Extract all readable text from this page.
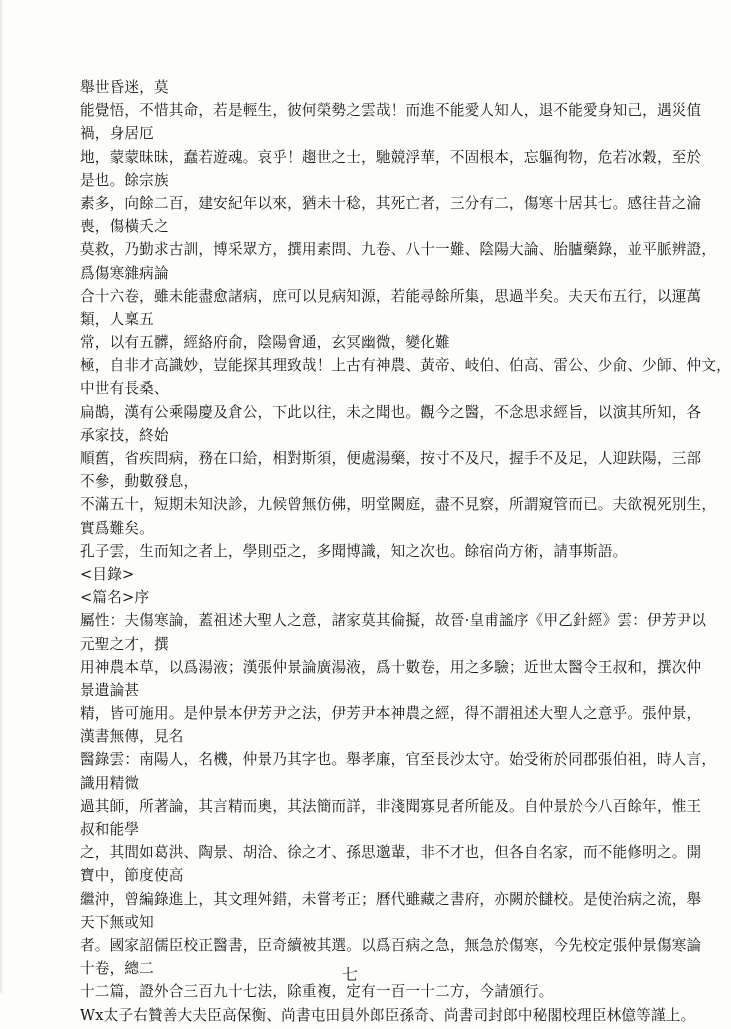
舉世昏迷，莫
能覺悟，不惜其命，若是輕生，彼何榮勢之雲哉！而進不能愛人知人，退不能愛身知己，遇災值
禍，身居厄
地，蒙蒙昧昧，蠢若遊魂。哀乎！趨世之士，馳競浮華，不固根本，忘軀徇物，危若冰穀，至於
是也。餘宗族
素多，向餘二百，建安紀年以來，猶未十稔，其死亡者，三分有二，傷寒十居其七。感往昔之淪
喪，傷橫夭之
莫救，乃勤求古訓，博采眾方，撰用素問、九卷、八十一難、陰陽大論、胎臚藥錄，並平脈辨證，
爲傷寒雜病論
合十六卷，雖未能盡愈諸病，庶可以見病知源，若能尋餘所集，思過半矣。夫天布五行，以運萬
類，人稟五
常，以有五髒，經絡府俞，陰陽會通，玄冥幽微，變化難
極，自非才高識妙，豈能探其理致哉！上古有神農、黃帝、岐伯、伯高、雷公、少俞、少師、仲文，
中世有長桑、
扁鵲，漢有公乘陽慶及倉公，下此以往，未之聞也。觀今之醫，不念思求經旨，以演其所知，各
承家技，終始
順舊，省疾問病，務在口給，相對斯須，便處湯藥，按寸不及尺，握手不及足，人迎趺陽，三部
不參，動數發息，
不滿五十，短期未知決診，九候曾無仿佛，明堂闕庭，盡不見察，所謂窺管而已。夫欲視死別生，
實爲難矣。
孔子雲，生而知之者上，學則亞之，多聞博識，知之次也。餘宿尚方術，請事斯語。
<目錄>
<篇名>序
屬性：夫傷寒論，蓋祖述大聖人之意，諸家莫其倫擬，故晉·皇甫謐序《甲乙針經》雲：伊芳尹以
元聖之才，撰
用神農本草，以爲湯液；漢張仲景論廣湯液，爲十數卷，用之多驗；近世太醫令王叔和，撰次仲
景遺論甚
精，皆可施用。是仲景本伊芳尹之法，伊芳尹本神農之經，得不謂祖述大聖人之意乎。張仲景，
漢書無傳，見名
醫錄雲：南陽人，名機，仲景乃其字也。舉孝廉，官至長沙太守。始受術於同郡張伯祖，時人言，
識用精微
過其師，所著論，其言精而奧，其法簡而詳，非淺聞寡見者所能及。自仲景於今八百餘年，惟王
叔和能學
之，其間如葛洪、陶景、胡洽、徐之才、孫思邈輩，非不才也，但各自名家，而不能修明之。開
寶中，節度使高
繼沖，曾編錄進上，其文理舛錯，未嘗考正；曆代雖藏之書府，亦闕於讎校。是使治病之流，舉
天下無或知
者。國家詔儒臣校正醫書，臣奇續被其選。以爲百病之急，無急於傷寒，今先校定張仲景傷寒論
十卷，總二
十二篇，證外合三百九十七法，除重複，定有一百一十二方，今請頒行。
Wx太子右贊善大夫臣高保衡、尚書屯田員外郎臣孫奇、尚書司封郎中秘閣校理臣林億等謹上。
七
